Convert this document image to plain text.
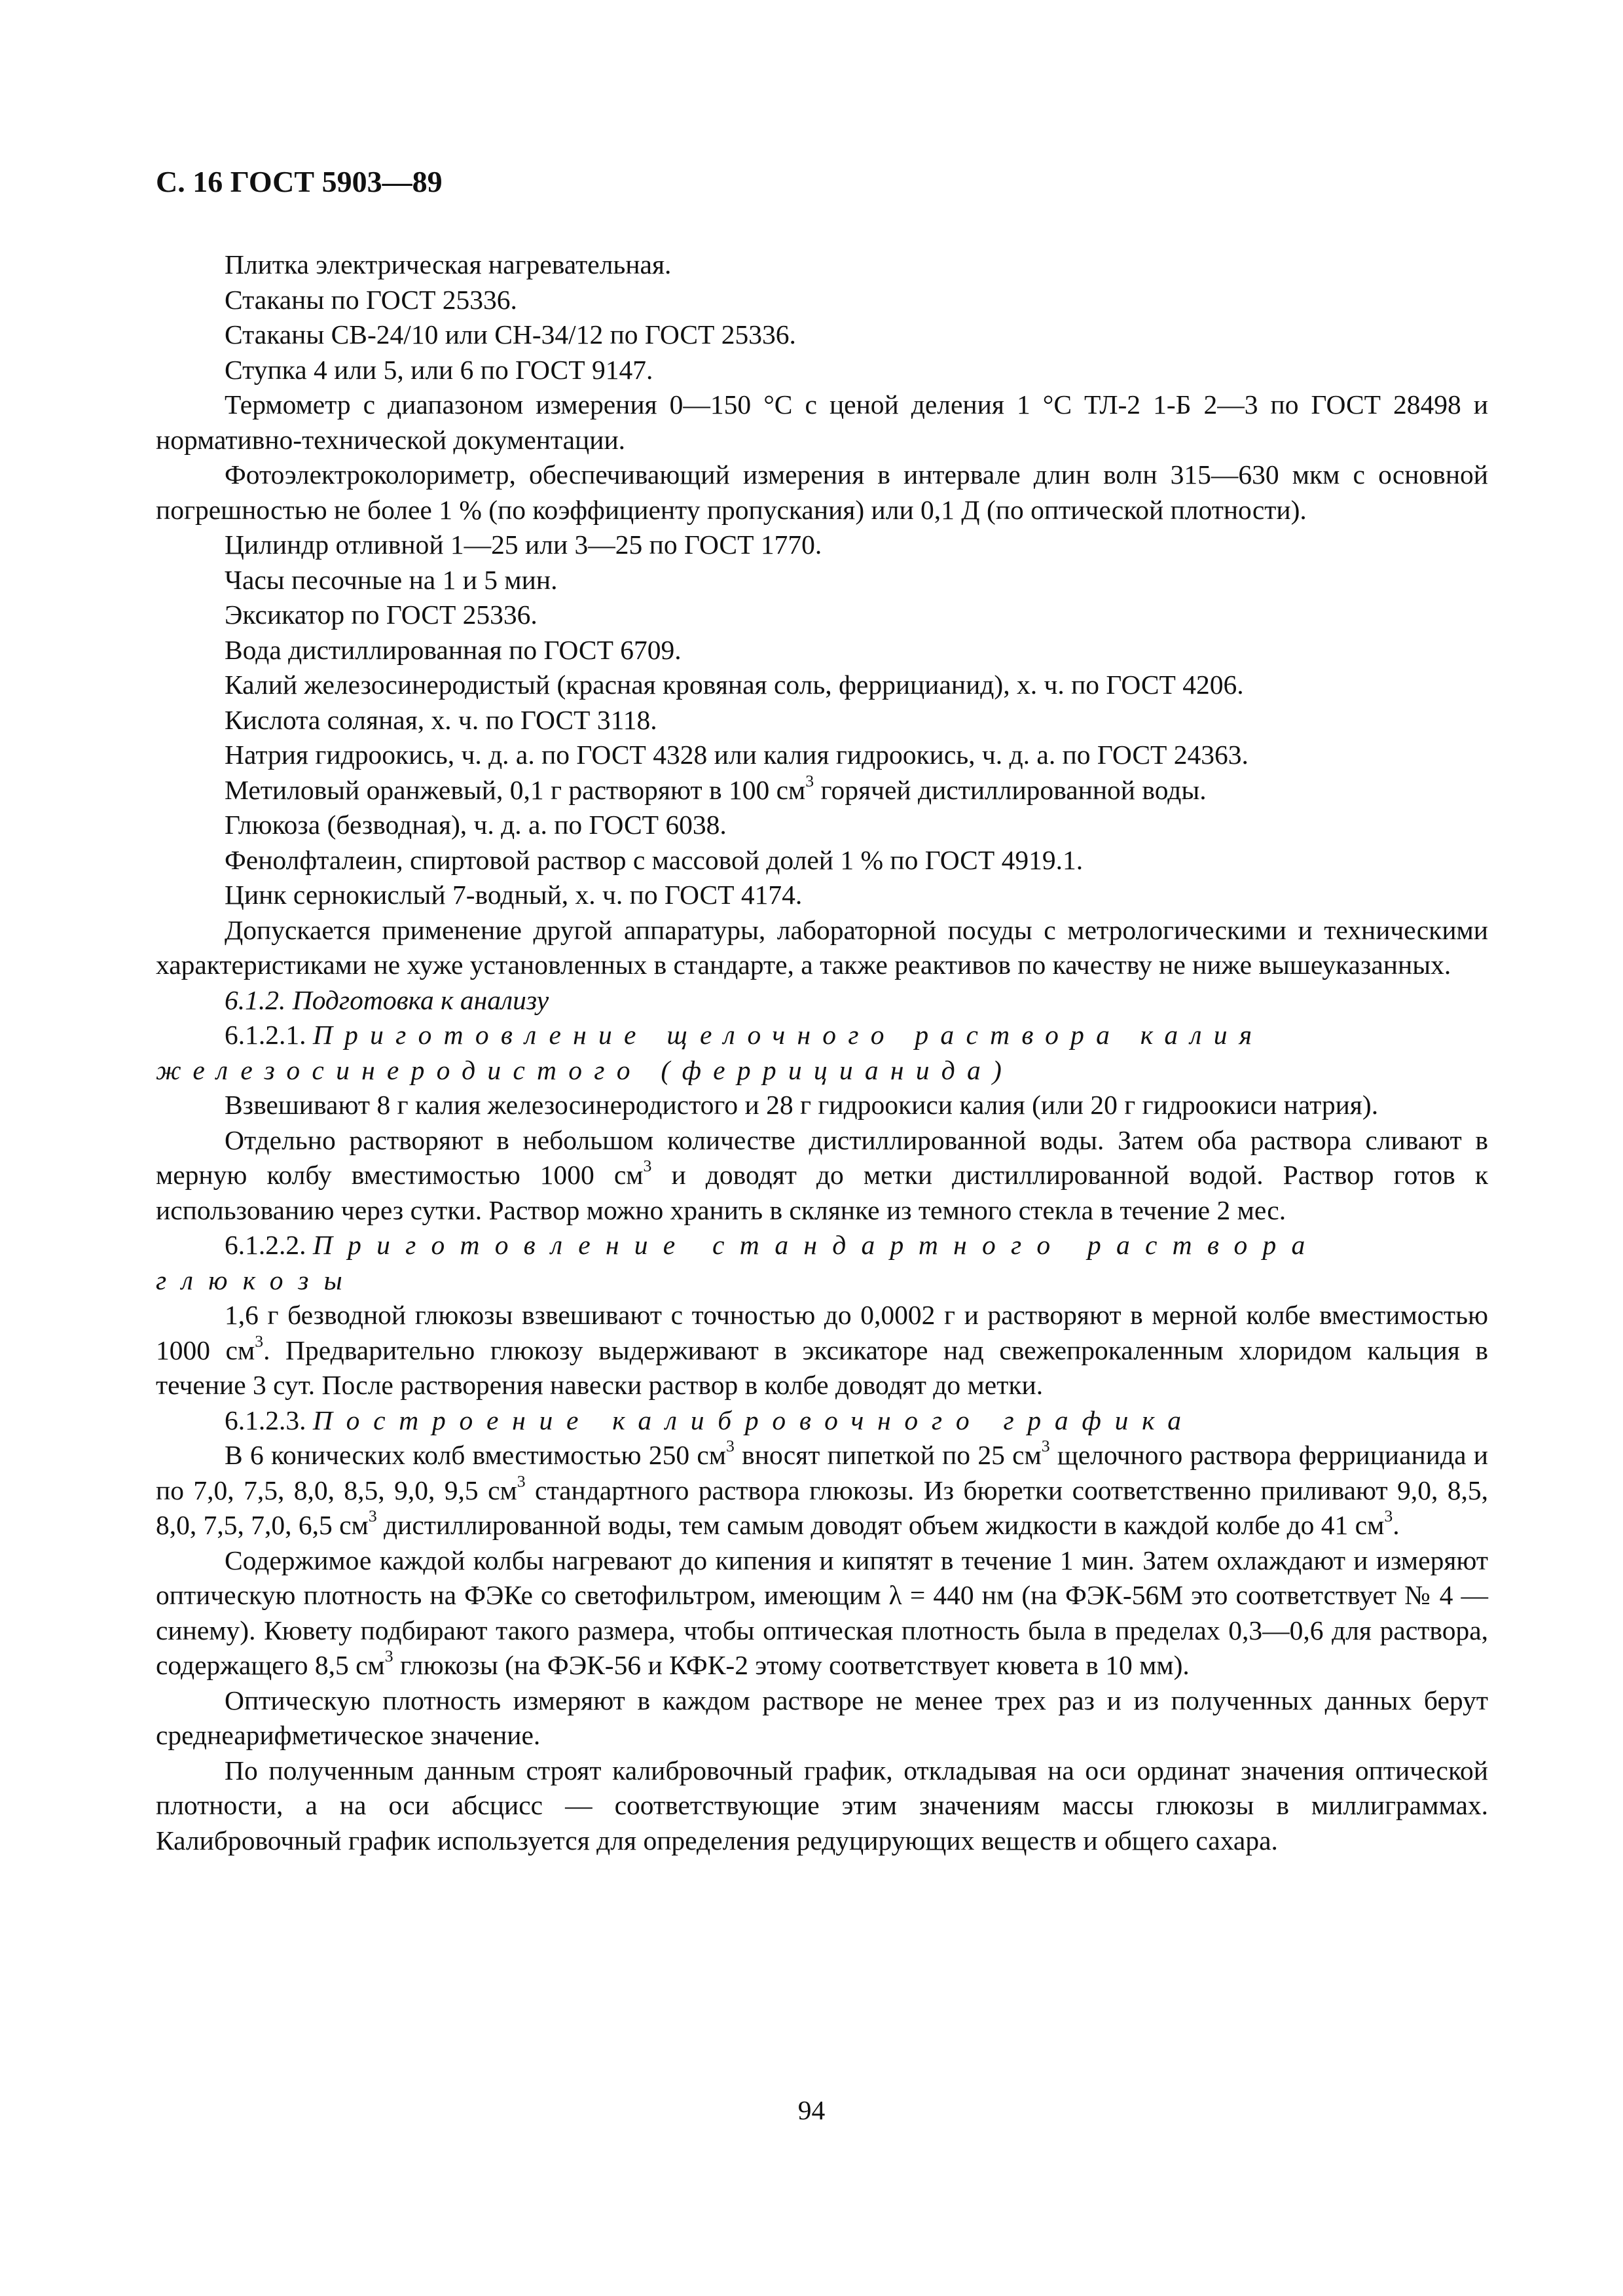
С. 16 ГОСТ 5903—89

Плитка электрическая нагревательная.

Стаканы по ГОСТ 25336.

Стаканы СВ-24/10 или СН-34/12 по ГОСТ 25336.

Ступка 4 или 5, или 6 по ГОСТ 9147.

Термометр с диапазоном измерения 0—150 °С с ценой деления 1 °С ТЛ-2 1-Б 2—3 по ГОСТ 28498 и нормативно-технической документации.

Фотоэлектроколориметр, обеспечивающий измерения в интервале длин волн 315—630 мкм с основной погрешностью не более 1 % (по коэффициенту пропускания) или 0,1 Д (по оптической плотности).

Цилиндр отливной 1—25 или 3—25 по ГОСТ 1770.

Часы песочные на 1 и 5 мин.

Эксикатор по ГОСТ 25336.

Вода дистиллированная по ГОСТ 6709.

Калий железосинеродистый (красная кровяная соль, феррицианид), х. ч. по ГОСТ 4206.

Кислота соляная, х. ч. по ГОСТ 3118.

Натрия гидроокись, ч. д. а. по ГОСТ 4328 или калия гидроокись, ч. д. а. по ГОСТ 24363.

Метиловый оранжевый, 0,1 г растворяют в 100 $см^3$ горячей дистиллированной воды.

Глюкоза (безводная), ч. д. а. по ГОСТ 6038.

Фенолфталеин, спиртовой раствор с массовой долей 1 % по ГОСТ 4919.1.

Цинк сернокислый 7-водный, х. ч. по ГОСТ 4174.

Допускается применение другой аппаратуры, лабораторной посуды с метрологическими и техническими характеристиками не хуже установленных в стандарте, а также реактивов по качеству не ниже вышеуказанных.

6.1.2. Подготовка к анализу

6.1.2.1. Приготовление щелочного раствора калия железосинеродистого (феррицианида)

Взвешивают 8 г калия железосинеродистого и 28 г гидроокиси калия (или 20 г гидроокиси натрия).

Отдельно растворяют в небольшом количестве дистиллированной воды. Затем оба раствора сливают в мерную колбу вместимостью 1000 $см^3$ и доводят до метки дистиллированной водой. Раствор готов к использованию через сутки. Раствор можно хранить в склянке из темного стекла в течение 2 мес.

6.1.2.2. Приготовление стандартного раствора глюкозы

1,6 г безводной глюкозы взвешивают с точностью до 0,0002 г и растворяют в мерной колбе вместимостью 1000 $см^3$. Предварительно глюкозу выдерживают в эксикаторе над свежепрокаленным хлоридом кальция в течение 3 сут. После растворения навески раствор в колбе доводят до метки.

6.1.2.3. Построение калибровочного графика

В 6 конических колб вместимостью 250 $см^3$ вносят пипеткой по 25 $см^3$ щелочного раствора феррицианида и по 7,0, 7,5, 8,0, 8,5, 9,0, 9,5 $см^3$ стандартного раствора глюкозы. Из бюретки соответственно приливают 9,0, 8,5, 8,0, 7,5, 7,0, 6,5 $см^3$ дистиллированной воды, тем самым доводят объем жидкости в каждой колбе до 41 $см^3$.

Содержимое каждой колбы нагревают до кипения и кипятят в течение 1 мин. Затем охлаждают и измеряют оптическую плотность на ФЭКе со светофильтром, имеющим λ = 440 нм (на ФЭК-56М это соответствует № 4 — синему). Кювету подбирают такого размера, чтобы оптическая плотность была в пределах 0,3—0,6 для раствора, содержащего 8,5 $см^3$ глюкозы (на ФЭК-56 и КФК-2 этому соответствует кювета в 10 мм).

Оптическую плотность измеряют в каждом растворе не менее трех раз и из полученных данных берут среднеарифметическое значение.

По полученным данным строят калибровочный график, откладывая на оси ординат значения оптической плотности, а на оси абсцисс — соответствующие этим значениям массы глюкозы в миллиграммах. Калибровочный график используется для определения редуцирующих веществ и общего сахара.

94
